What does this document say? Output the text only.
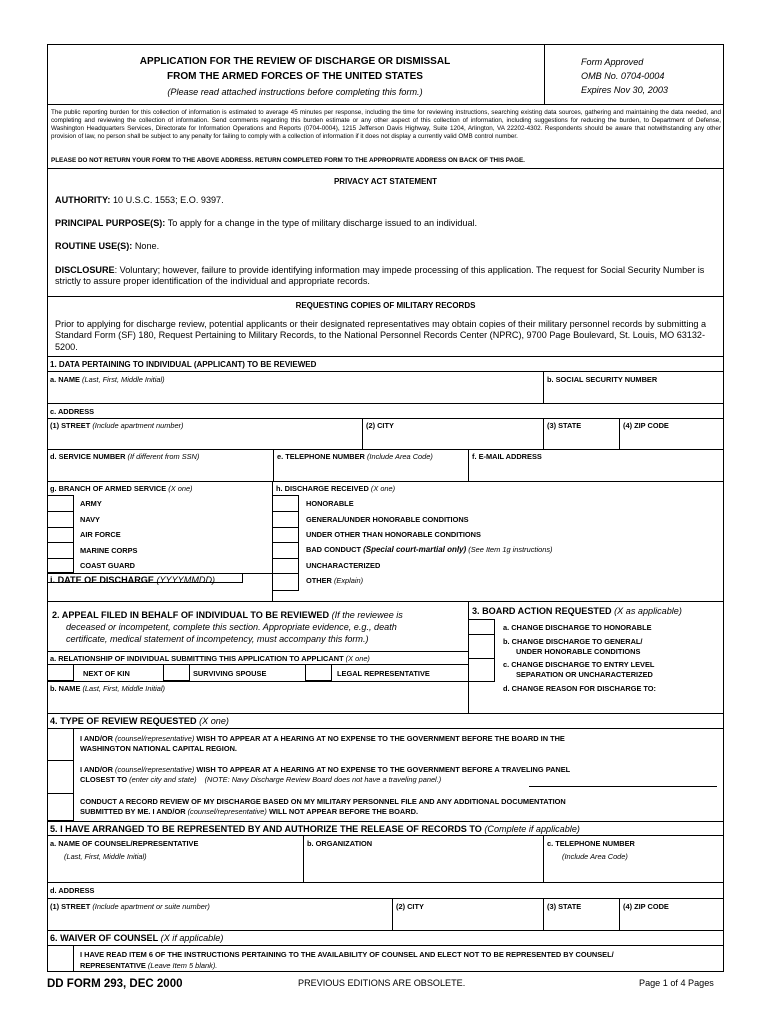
APPLICATION FOR THE REVIEW OF DISCHARGE OR DISMISSAL
FROM THE ARMED FORCES OF THE UNITED STATES
(Please read attached instructions before completing this form.)
Form Approved
OMB No. 0704-0004
Expires Nov 30, 2003
The public reporting burden for this collection of information is estimated to average 45 minutes per response, including the time for reviewing instructions, searching existing data sources, gathering and maintaining the data needed, and completing and reviewing the collection of information. Send comments regarding this burden estimate or any other aspect of this collection of information, including suggestions for reducing the burden, to Department of Defense, Washington Headquarters Services, Directorate for Information Operations and Reports (0704-0004), 1215 Jefferson Davis Highway, Suite 1204, Arlington, VA 22202-4302. Respondents should be aware that notwithstanding any other provision of law, no person shall be subject to any penalty for failing to comply with a collection of information if it does not display a currently valid OMB control number.
PLEASE DO NOT RETURN YOUR FORM TO THE ABOVE ADDRESS. RETURN COMPLETED FORM TO THE APPROPRIATE ADDRESS ON BACK OF THIS PAGE.
PRIVACY ACT STATEMENT
AUTHORITY: 10 U.S.C. 1553; E.O. 9397.
PRINCIPAL PURPOSE(S): To apply for a change in the type of military discharge issued to an individual.
ROUTINE USE(S): None.
DISCLOSURE: Voluntary; however, failure to provide identifying information may impede processing of this application. The request for Social Security Number is strictly to assure proper identification of the individual and appropriate records.
REQUESTING COPIES OF MILITARY RECORDS
Prior to applying for discharge review, potential applicants or their designated representatives may obtain copies of their military personnel records by submitting a Standard Form (SF) 180, Request Pertaining to Military Records, to the National Personnel Records Center (NPRC), 9700 Page Boulevard, St. Louis, MO 63132-5200.
1. DATA PERTAINING TO INDIVIDUAL (APPLICANT) TO BE REVIEWED
a. NAME (Last, First, Middle Initial)	b. SOCIAL SECURITY NUMBER
c. ADDRESS
(1) STREET (Include apartment number)	(2) CITY	(3) STATE	(4) ZIP CODE
d. SERVICE NUMBER (If different from SSN)	e. TELEPHONE NUMBER (Include Area Code)	f. E-MAIL ADDRESS
g. BRANCH OF ARMED SERVICE (X one)	h. DISCHARGE RECEIVED (X one)
ARMY
NAVY
AIR FORCE
MARINE CORPS
COAST GUARD
i. DATE OF DISCHARGE (YYYYMMDD)
HONORABLE
GENERAL/UNDER HONORABLE CONDITIONS
UNDER OTHER THAN HONORABLE CONDITIONS
BAD CONDUCT (Special court-martial only) (See Item 1g instructions)
UNCHARACTERIZED
OTHER (Explain)
2. APPEAL FILED IN BEHALF OF INDIVIDUAL TO BE REVIEWED (If the reviewee is
deceased or incompetent, complete this section. Appropriate evidence, e.g., death
certificate, medical statement of incompetency, must accompany this form.)
a. RELATIONSHIP OF INDIVIDUAL SUBMITTING THIS APPLICATION TO APPLICANT (X one)
NEXT OF KIN	SURVIVING SPOUSE	LEGAL REPRESENTATIVE
b. NAME (Last, First, Middle Initial)
3. BOARD ACTION REQUESTED (X as applicable)
a. CHANGE DISCHARGE TO HONORABLE
b. CHANGE DISCHARGE TO GENERAL/
UNDER HONORABLE CONDITIONS
c. CHANGE DISCHARGE TO ENTRY LEVEL
SEPARATION OR UNCHARACTERIZED
d. CHANGE REASON FOR DISCHARGE TO:
4. TYPE OF REVIEW REQUESTED (X one)
I AND/OR (counsel/representative) WISH TO APPEAR AT A HEARING AT NO EXPENSE TO THE GOVERNMENT BEFORE THE BOARD IN THE
WASHINGTON NATIONAL CAPITAL REGION.
I AND/OR (counsel/representative) WISH TO APPEAR AT A HEARING AT NO EXPENSE TO THE GOVERNMENT BEFORE A TRAVELING PANEL
CLOSEST TO (enter city and state) (NOTE: Navy Discharge Review Board does not have a traveling panel.)
CONDUCT A RECORD REVIEW OF MY DISCHARGE BASED ON MY MILITARY PERSONNEL FILE AND ANY ADDITIONAL DOCUMENTATION
SUBMITTED BY ME. I AND/OR (counsel/representative) WILL NOT APPEAR BEFORE THE BOARD.
5. I HAVE ARRANGED TO BE REPRESENTED BY AND AUTHORIZE THE RELEASE OF RECORDS TO (Complete if applicable)
a. NAME OF COUNSEL/REPRESENTATIVE
(Last, First, Middle Initial)
b. ORGANIZATION	c. TELEPHONE NUMBER
(Include Area Code)
d. ADDRESS
(1) STREET (Include apartment or suite number)	(2) CITY	(3) STATE	(4) ZIP CODE
6. WAIVER OF COUNSEL (X if applicable)
I HAVE READ ITEM 6 OF THE INSTRUCTIONS PERTAINING TO THE AVAILABILITY OF COUNSEL AND ELECT NOT TO BE REPRESENTED BY COUNSEL/
REPRESENTATIVE (Leave Item 5 blank).
DD FORM 293, DEC 2000	PREVIOUS EDITIONS ARE OBSOLETE.	Page 1 of 4 Pages
